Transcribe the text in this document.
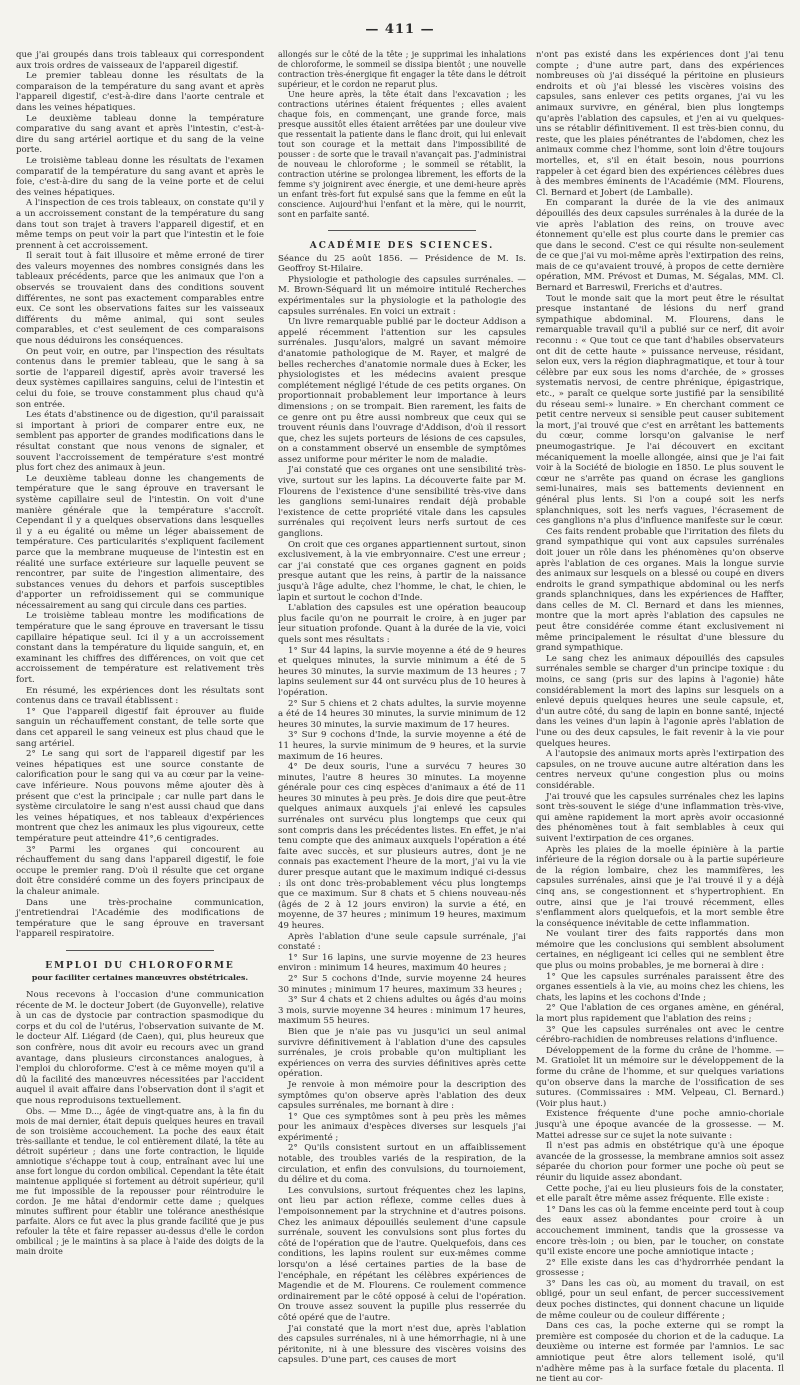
— 411 —

que j'ai groupés dans trois tableaux qui correspondent aux trois ordres de vaisseaux de l'appareil digestif.

Le premier tableau donne les résultats de la comparaison de la température du sang avant et après l'appareil digestif, c'est-à-dire dans l'aorte centrale et dans les veines hépatiques.

Le deuxième tableau donne la température comparative du sang avant et après l'intestin, c'est-à-dire du sang artériel aortique et du sang de la veine porte.

Le troisième tableau donne les résultats de l'examen comparatif de la température du sang avant et après le foie, c'est-à-dire du sang de la veine porte et de celui des veines hépatiques.

A l'inspection de ces trois tableaux, on constate qu'il y a un accroissement constant de la température du sang dans tout son trajet à travers l'appareil digestif, et en même temps on peut voir la part que l'intestin et le foie prennent à cet accroissement.

Il serait tout à fait illusoire et même erroné de tirer des valeurs moyennes des nombres consignés dans les tableaux précédents, parce que les animaux que l'on a observés se trouvaient dans des conditions souvent différentes, ne sont pas exactement comparables entre eux. Ce sont les observations faites sur les vaisseaux différents du même animal, qui sont seules comparables, et c'est seulement de ces comparaisons que nous déduirons les conséquences.

On peut voir, en outre, par l'inspection des résultats contenus dans le premier tableau, que le sang à sa sortie de l'appareil digestif, après avoir traversé les deux systèmes capillaires sanguins, celui de l'intestin et celui du foie, se trouve constamment plus chaud qu'à son entrée.

Les états d'abstinence ou de digestion, qu'il paraissait si important à priori de comparer entre eux, ne semblent pas apporter de grandes modifications dans le résultat constant que nous venons de signaler, et souvent l'accroissement de température s'est montré plus fort chez des animaux à jeun.

Le deuxième tableau donne les changements de température que le sang éprouve en traversant le système capillaire seul de l'intestin. On voit d'une manière générale que la température s'accroît. Cependant il y a quelques observations dans lesquelles il y a eu égalité ou même un léger abaissement de température. Ces particularités s'expliquent facilement parce que la membrane muqueuse de l'intestin est en réalité une surface extérieure sur laquelle peuvent se rencontrer, par suite de l'ingestion alimentaire, des substances venues du dehors et parfois susceptibles d'apporter un refroidissement qui se communique nécessairement au sang qui circule dans ces parties.

Le troisième tableau montre les modifications de température que le sang éprouve en traversant le tissu capillaire hépatique seul. Ici il y a un accroissement constant dans la température du liquide sanguin, et, en examinant les chiffres des différences, on voit que cet accroissement de température est relativement très fort.

En résumé, les expériences dont les résultats sont contenus dans ce travail établissent :

1° Que l'appareil digestif fait éprouver au fluide sanguin un réchauffement constant, de telle sorte que dans cet appareil le sang veineux est plus chaud que le sang artériel.

2° Le sang qui sort de l'appareil digestif par les veines hépatiques est une source constante de calorification pour le sang qui va au cœur par la veine-cave inférieure. Nous pouvons même ajouter dès à présent que c'est la principale ; car nulle part dans le système circulatoire le sang n'est aussi chaud que dans les veines hépatiques, et nos tableaux d'expériences montrent que chez les animaux les plus vigoureux, cette température peut atteindre 41°,6 centigrades.

3° Parmi les organes qui concourent au réchauffement du sang dans l'appareil digestif, le foie occupe le premier rang. D'où il résulte que cet organe doit être considéré comme un des foyers principaux de la chaleur animale.

Dans une très-prochaine communication, j'entretiendrai l'Académie des modifications de température que le sang éprouve en traversant l'appareil respiratoire.

EMPLOI DU CHLOROFORME
pour faciliter certaines manœuvres obstétricales.

Nous recevons à l'occasion d'une communication récente de M. le docteur Jobert (de Guyonvelle), relative à un cas de dystocie par contraction spasmodique du corps et du col de l'utérus, l'observation suivante de M. le docteur Alf. Liégard (de Caen), qui, plus heureux que son confrère, nous dit avoir eu recours avec un grand avantage, dans plusieurs circonstances analogues, à l'emploi du chloroforme. C'est à ce même moyen qu'il a dû la facilité des manœuvres nécessitées par l'accident auquel il avait affaire dans l'observation dont il s'agit et que nous reproduisons textuellement.

Obs. — Mme D..., âgée de vingt-quatre ans, à la fin du mois de mai dernier, était depuis quelques heures en travail de son troisième accouchement. La poche des eaux était très-saillante et tendue, le col entièrement dilaté, la tête au détroit supérieur ; dans une forte contraction, le liquide amniotique s'échappe tout à coup, entraînant avec lui une anse fort longue du cordon ombilical. Cependant la tête était maintenue appliquée si fortement au détroit supérieur, qu'il me fut impossible de la repousser pour réintroduire le cordon. Je me hâtai d'endormir cette dame ; quelques minutes suffirent pour établir une tolérance anesthésique parfaite. Alors ce fut avec la plus grande facilité que je pus refouler la tête et faire repasser au-dessus d'elle le cordon ombilical ; je le maintins à sa place à l'aide des doigts de la main droite

allongés sur le côté de la tête ; je supprimai les inhalations de chloroforme, le sommeil se dissipa bientôt ; une nouvelle contraction très-énergique fit engager la tête dans le détroit supérieur, et le cordon ne reparut plus.

Une heure après, la tête était dans l'excavation ; les contractions utérines étaient fréquentes ; elles avaient chaque fois, en commençant, une grande force, mais presque aussitôt elles étaient arrêtées par une douleur vive que ressentait la patiente dans le flanc droit, qui lui enlevait tout son courage et la mettait dans l'impossibilité de pousser : de sorte que le travail n'avançait pas. J'administrai de nouveau le chloroforme ; le sommeil se rétablit, la contraction utérine se prolongea librement, les efforts de la femme s'y joignirent avec énergie, et une demi-heure après un enfant très-fort fut expulsé sans que la femme en eût la conscience. Aujourd'hui l'enfant et la mère, qui le nourrit, sont en parfaite santé.

ACADÉMIE DES SCIENCES.

Séance du 25 août 1856. — Présidence de M. Is. Geoffroy St-Hilaire.

Physiologie et pathologie des capsules surrénales. — M. Brown-Séquard lit un mémoire intitulé Recherches expérimentales sur la physiologie et la pathologie des capsules surrénales. En voici un extrait :

Un livre remarquable publié par le docteur Addison a appelé récemment l'attention sur les capsules surrénales. Jusqu'alors, malgré un savant mémoire d'anatomie pathologique de M. Rayer, et malgré de belles recherches d'anatomie normale dues à Ecker, les physiologistes et les médecins avaient presque complétement négligé l'étude de ces petits organes. On proportionnait probablement leur importance à leurs dimensions ; on se trompait. Bien rarement, les faits de ce genre ont pu être aussi nombreux que ceux qui se trouvent réunis dans l'ouvrage d'Addison, d'où il ressort que, chez les sujets porteurs de lésions de ces capsules, on a constamment observé un ensemble de symptômes assez uniforme pour mériter le nom de maladie.

J'ai constaté que ces organes ont une sensibilité très-vive, surtout sur les lapins. La découverte faite par M. Flourens de l'existence d'une sensibilité très-vive dans les ganglions semi-lunaires rendait déjà probable l'existence de cette propriété vitale dans les capsules surrénales qui reçoivent leurs nerfs surtout de ces ganglions.

On croit que ces organes appartiennent surtout, sinon exclusivement, à la vie embryonnaire. C'est une erreur ; car j'ai constaté que ces organes gagnent en poids presque autant que les reins, à partir de la naissance jusqu'à l'âge adulte, chez l'homme, le chat, le chien, le lapin et surtout le cochon d'Inde.

L'ablation des capsules est une opération beaucoup plus facile qu'on ne pourrait le croire, à en juger par leur situation profonde. Quant à la durée de la vie, voici quels sont mes résultats :

1° Sur 44 lapins, la survie moyenne a été de 9 heures et quelques minutes, la survie minimum a été de 5 heures 30 minutes, la survie maximum de 13 heures ; 7 lapins seulement sur 44 ont survécu plus de 10 heures à l'opération.

2° Sur 5 chiens et 2 chats adultes, la survie moyenne a été de 14 heures 30 minutes, la survie minimum de 12 heures 30 minutes, la survie maximum de 17 heures.

3° Sur 9 cochons d'Inde, la survie moyenne a été de 11 heures, la survie minimum de 9 heures, et la survie maximum de 16 heures.

4° De deux souris, l'une a survécu 7 heures 30 minutes, l'autre 8 heures 30 minutes. La moyenne générale pour ces cinq espèces d'animaux a été de 11 heures 30 minutes à peu près. Je dois dire que peut-être quelques animaux auxquels j'ai enlevé les capsules surrénales ont survécu plus longtemps que ceux qui sont compris dans les précédentes listes. En effet, je n'ai tenu compte que des animaux auxquels l'opération a été faite avec succès, et sur plusieurs autres, dont je ne connais pas exactement l'heure de la mort, j'ai vu la vie durer presque autant que le maximum indiqué ci-dessus : ils ont donc très-probablement vécu plus longtemps que ce maximum. Sur 8 chats et 5 chiens nouveau-nés (âgés de 2 à 12 jours environ) la survie a été, en moyenne, de 37 heures ; minimum 19 heures, maximum 49 heures.

Après l'ablation d'une seule capsule surrénale, j'ai constaté :

1° Sur 16 lapins, une survie moyenne de 23 heures environ : minimum 14 heures, maximum 40 heures ;

2° Sur 5 cochons d'Inde, survie moyenne 24 heures 30 minutes ; minimum 17 heures, maximum 33 heures ;

3° Sur 4 chats et 2 chiens adultes ou âgés d'au moins 3 mois, survie moyenne 34 heures : minimum 17 heures, maximum 55 heures.

Bien que je n'aie pas vu jusqu'ici un seul animal survivre définitivement à l'ablation d'une des capsules surrénales, je crois probable qu'on multipliant les expériences on verra des survies définitives après cette opération.

Je renvoie à mon mémoire pour la description des symptômes qu'on observe après l'ablation des deux capsules surrénales, me bornant à dire :

1° Que ces symptômes sont à peu près les mêmes pour les animaux d'espèces diverses sur lesquels j'ai expérimenté ;

2° Qu'ils consistent surtout en un affaiblissement notable, des troubles variés de la respiration, de la circulation, et enfin des convulsions, du tournoiement, du délire et du coma.

Les convulsions, surtout fréquentes chez les lapins, ont lieu par action réflexe, comme celles dues à l'empoisonnement par la strychnine et d'autres poisons. Chez les animaux dépouillés seulement d'une capsule surrénale, souvent les convulsions sont plus fortes du côté de l'opération que de l'autre. Quelquefois, dans ces conditions, les lapins roulent sur eux-mêmes comme lorsqu'on a lésé certaines parties de la base de l'encéphale, en répétant les célèbres expériences de Magendie et de M. Flourens. Ce roulement commence ordinairement par le côté opposé à celui de l'opération. On trouve assez souvent la pupille plus resserrée du côté opéré que de l'autre.

J'ai constaté que la mort n'est due, après l'ablation des capsules surrénales, ni à une hémorrhagie, ni à une péritonite, ni à une blessure des viscères voisins des capsules. D'une part, ces causes de mort

n'ont pas existé dans les expériences dont j'ai tenu compte ; d'une autre part, dans des expériences nombreuses où j'ai disséqué la péritoine en plusieurs endroits et où j'ai blessé les viscères voisins des capsules, sans enlever ces petits organes, j'ai vu les animaux survivre, en général, bien plus longtemps qu'après l'ablation des capsules, et j'en ai vu quelques-uns se rétablir définitivement. Il est très-bien connu, du reste, que les plaies pénétrantes de l'abdomen, chez les animaux comme chez l'homme, sont loin d'être toujours mortelles, et, s'il en était besoin, nous pourrions rappeler à cet égard bien des expériences célèbres dues à des membres éminents de l'Académie (MM. Flourens, Cl. Bernard et Jobert (de Lamballe).

En comparant la durée de la vie des animaux dépouillés des deux capsules surrénales à la durée de la vie après l'ablation des reins, on trouve avec étonnement qu'elle est plus courte dans le premier cas que dans le second. C'est ce qui résulte non-seulement de ce que j'ai vu moi-même après l'extirpation des reins, mais de ce qu'avaient trouvé, à propos de cette dernière opération, MM. Prévost et Dumas, M. Ségalas, MM. Cl. Bernard et Barreswil, Frerichs et d'autres.

Tout le monde sait que la mort peut être le résultat presque instantané de lésions du nerf grand sympathique abdominal. M. Flourens, dans le remarquable travail qu'il a publié sur ce nerf, dit avoir reconnu : « Que tout ce que tant d'habiles observateurs ont dit de cette haute » puissance nerveuse, résidant, selon eux, vers la région diaphragmatique, et tour à tour célèbre par eux sous les noms d'archée, de » grosses systematis nervosi, de centre phrénique, épigastrique, etc., » paraît ce quelque sorte justifié par la sensibilité du réseau semi-» lunaire. » En cherchant comment ce petit centre nerveux si sensible peut causer subitement la mort, j'ai trouvé que c'est en arrêtant les battements du cœur, comme lorsqu'on galvanise le nerf pneumogastrique. Je l'ai découvert en excitant mécaniquement la moelle allongée, ainsi que je l'ai fait voir à la Société de biologie en 1850. Le plus souvent le cœur ne s'arrête pas quand on écrase les ganglions semi-lunaires, mais ses battements deviennent en général plus lents. Si l'on a coupé soit les nerfs splanchniques, soit les nerfs vagues, l'écrasement de ces ganglions n'a plus d'influence manifeste sur le cœur.

Ces faits rendent probable que l'irritation des filets du grand sympathique qui vont aux capsules surrénales doit jouer un rôle dans les phénomènes qu'on observe après l'ablation de ces organes. Mais la longue survie des animaux sur lesquels on a blessé ou coupé en divers endroits le grand sympathique abdominal ou les nerfs grands splanchniques, dans les expériences de Haffter, dans celles de M. Cl. Bernard et dans les miennes, montre que la mort après l'ablation des capsules ne peut être considérée comme étant exclusivement ni même principalement le résultat d'une blessure du grand sympathique.

Le sang chez les animaux dépouillés des capsules surrénales semble se charger d'un principe toxique : du moins, ce sang (pris sur des lapins à l'agonie) hâte considérablement la mort des lapins sur lesquels on a enlevé depuis quelques heures une seule capsule, et, d'un autre côté, du sang de lapin en bonne santé, injecté dans les veines d'un lapin à l'agonie après l'ablation de l'une ou des deux capsules, le fait revenir à la vie pour quelques heures.

A l'autopsie des animaux morts après l'extirpation des capsules, on ne trouve aucune autre altération dans les centres nerveux qu'une congestion plus ou moins considérable.

J'ai trouvé que les capsules surrénales chez les lapins sont très-souvent le siége d'une inflammation très-vive, qui amène rapidement la mort après avoir occasionné des phénomènes tout à fait semblables à ceux qui suivent l'extirpation de ces organes.

Après les plaies de la moelle épinière à la partie inférieure de la région dorsale ou à la partie supérieure de la région lombaire, chez les mammifères, les capsules surrénales, ainsi que je l'ai trouvé il y a déjà cinq ans, se congestionnent et s'hypertrophient. En outre, ainsi que je l'ai trouvé récemment, elles s'enflamment alors quelquefois, et la mort semble être la conséquence inévitable de cette inflammation.

Ne voulant tirer des faits rapportés dans mon mémoire que les conclusions qui semblent absolument certaines, en négligeant ici celles qui ne semblent être que plus ou moins probables, je me bornerai à dire :

1° Que les capsules surrénales paraissent être des organes essentiels à la vie, au moins chez les chiens, les chats, les lapins et les cochons d'Inde ;

2° Que l'ablation de ces organes amène, en général, la mort plus rapidement que l'ablation des reins ;

3° Que les capsules surrénales ont avec le centre cérébro-rachidien de nombreuses relations d'influence.

Développement de la forme du crâne de l'homme. — M. Gratiolet lit un mémoire sur le développement de la forme du crâne de l'homme, et sur quelques variations qu'on observe dans la marche de l'ossification de ses sutures. (Commissaires : MM. Velpeau, Cl. Bernard.) (Voir plus haut.)

Existence fréquente d'une poche amnio-choriale jusqu'à une époque avancée de la grossesse. — M. Mattei adresse sur ce sujet la note suivante :

Il n'est pas admis en obstétrique qu'à une époque avancée de la grossesse, la membrane amnios soit assez séparée du chorion pour former une poche où peut se réunir du liquide assez abondant.

Cette poche, j'ai eu lieu plusieurs fois de la constater, et elle paraît être même assez fréquente. Elle existe :

1° Dans les cas où la femme enceinte perd tout à coup des eaux assez abondantes pour croire à un accouchement imminent, tandis que la grossesse va encore très-loin ; ou bien, par le toucher, on constate qu'il existe encore une poche amniotique intacte ;

2° Elle existe dans les cas d'hydrorrhée pendant la grossesse ;

3° Dans les cas où, au moment du travail, on est obligé, pour un seul enfant, de percer successivement deux poches distinctes, qui donnent chacune un liquide de même couleur ou de couleur différente ;

Dans ces cas, la poche externe qui se rompt la première est composée du chorion et de la caduque. La deuxième ou interne est formée par l'amnios. Le sac amniotique peut être alors tellement isolé, qu'il n'adhère même pas à la surface fœtale du placenta. Il ne tient au cor-
